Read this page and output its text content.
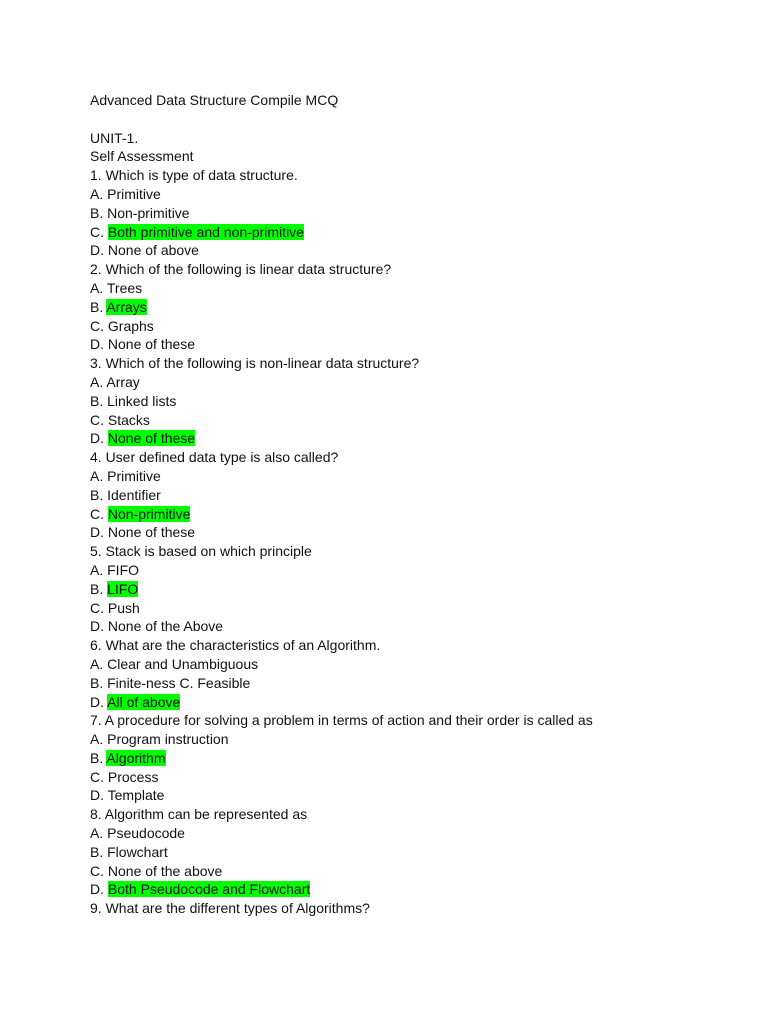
Advanced Data Structure Compile MCQ
UNIT-1.
Self Assessment
1. Which is type of data structure.
A. Primitive
B. Non-primitive
C. Both primitive and non-primitive
D. None of above
2. Which of the following is linear data structure?
A. Trees
B. Arrays
C. Graphs
D. None of these
3. Which of the following is non-linear data structure?
A. Array
B. Linked lists
C. Stacks
D. None of these
4. User defined data type is also called?
A. Primitive
B. Identifier
C. Non-primitive
D. None of these
5. Stack is based on which principle
A. FIFO
B. LIFO
C. Push
D. None of the Above
6. What are the characteristics of an Algorithm.
A. Clear and Unambiguous
B. Finite-ness C. Feasible
D. All of above
7. A procedure for solving a problem in terms of action and their order is called as
A. Program instruction
B. Algorithm
C. Process
D. Template
8. Algorithm can be represented as
A. Pseudocode
B. Flowchart
C. None of the above
D. Both Pseudocode and Flowchart
9. What are the different types of Algorithms?
